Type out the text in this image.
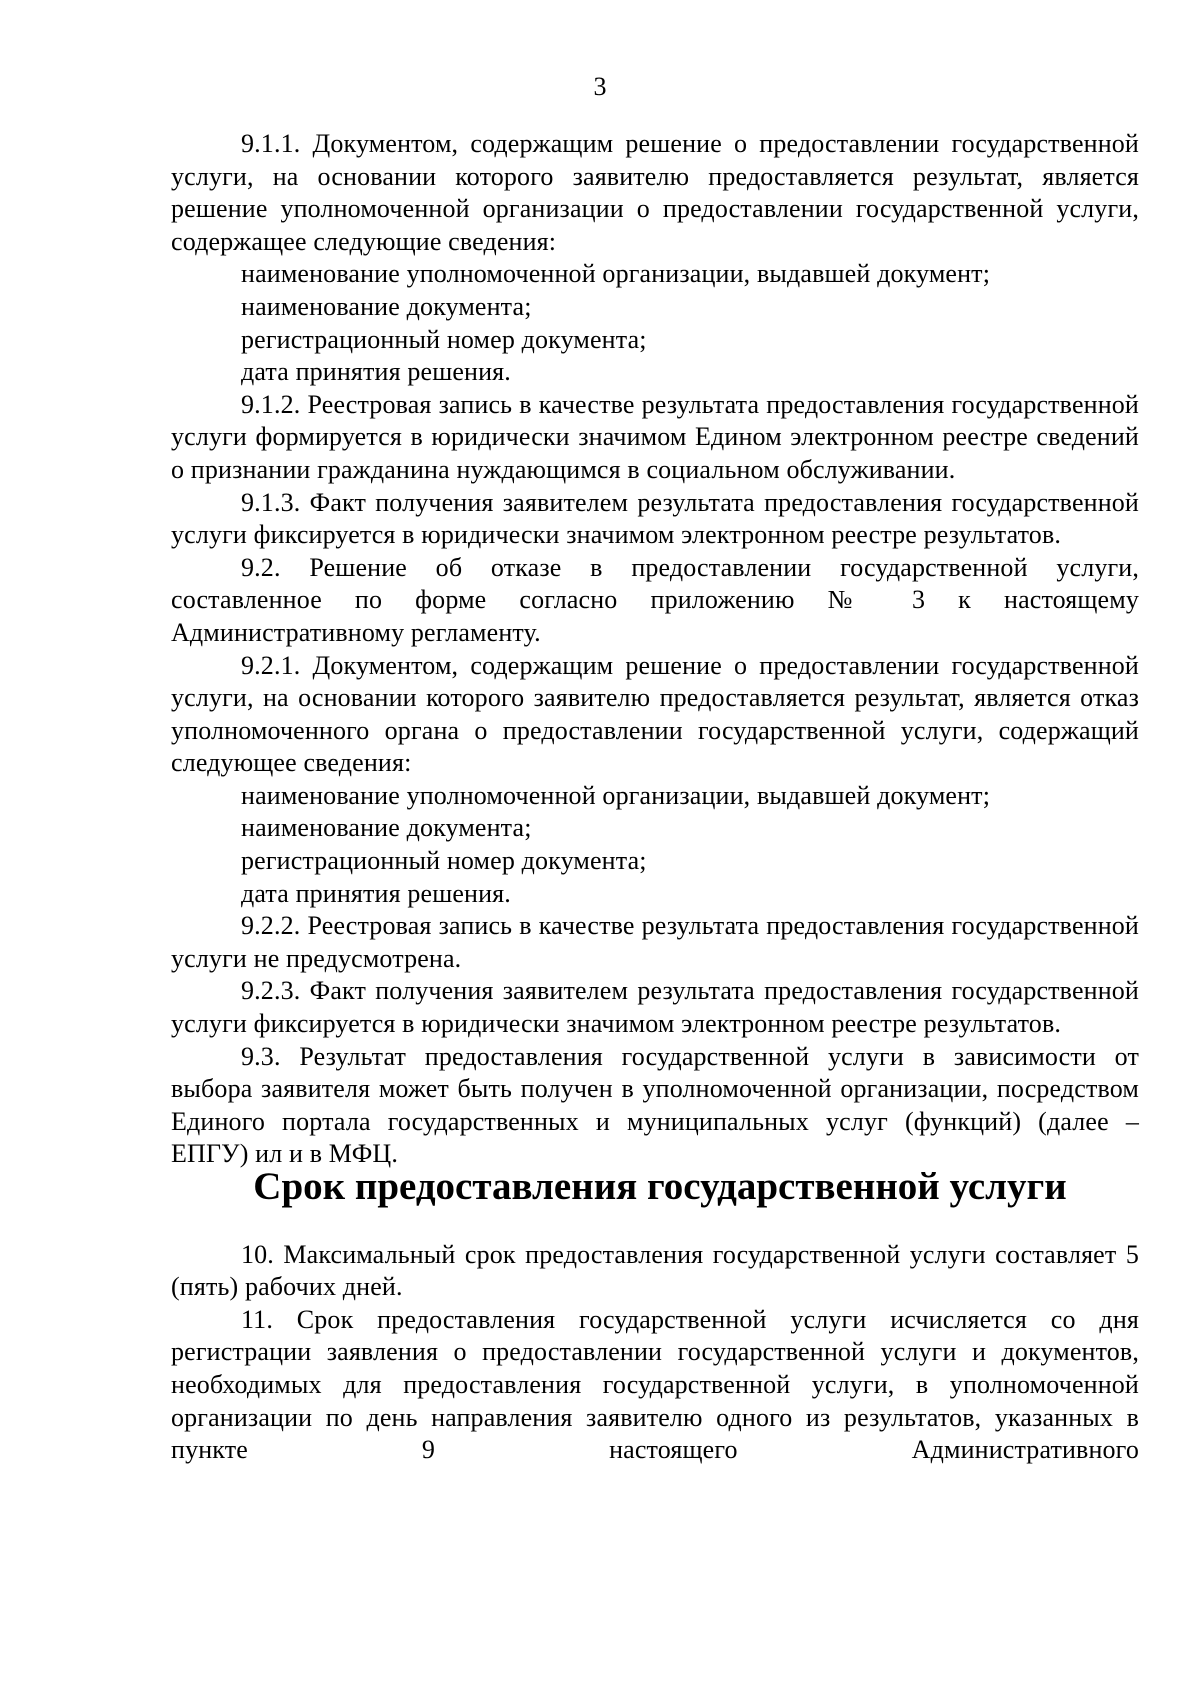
3

9.1.1. Документом, содержащим решение о предоставлении государственной услуги, на основании которого заявителю предоставляется результат, является решение уполномоченной организации о предоставлении государственной услуги, содержащее следующие сведения:

наименование уполномоченной организации, выдавшей документ;

наименование документа;

регистрационный номер документа;

дата принятия решения.

9.1.2. Реестровая запись в качестве результата предоставления государственной услуги формируется в юридически значимом Едином электронном реестре сведений о признании гражданина нуждающимся в социальном обслуживании.

9.1.3. Факт получения заявителем результата предоставления государственной услуги фиксируется в юридически значимом электронном реестре результатов.

9.2. Решение об отказе в предоставлении государственной услуги, составленное по форме согласно приложению № 3 к настоящему Административному регламенту.

9.2.1. Документом, содержащим решение о предоставлении государственной услуги, на основании которого заявителю предоставляется результат, является отказ уполномоченного органа о предоставлении государственной услуги, содержащий следующее сведения:

наименование уполномоченной организации, выдавшей документ;

наименование документа;

регистрационный номер документа;

дата принятия решения.

9.2.2. Реестровая запись в качестве результата предоставления государственной услуги не предусмотрена.

9.2.3. Факт получения заявителем результата предоставления государственной услуги фиксируется в юридически значимом электронном реестре результатов.

9.3. Результат предоставления государственной услуги в зависимости от выбора заявителя может быть получен в уполномоченной организации, посредством Единого портала государственных и муниципальных услуг (функций) (далее – ЕПГУ) ил и в МФЦ.

Срок предоставления государственной услуги

10. Максимальный срок предоставления государственной услуги составляет 5 (пять) рабочих дней.

11. Срок предоставления государственной услуги исчисляется со дня регистрации заявления о предоставлении государственной услуги и документов, необходимых для предоставления государственной услуги, в уполномоченной организации по день направления заявителю одного из результатов, указанных в пункте 9 настоящего Административного
